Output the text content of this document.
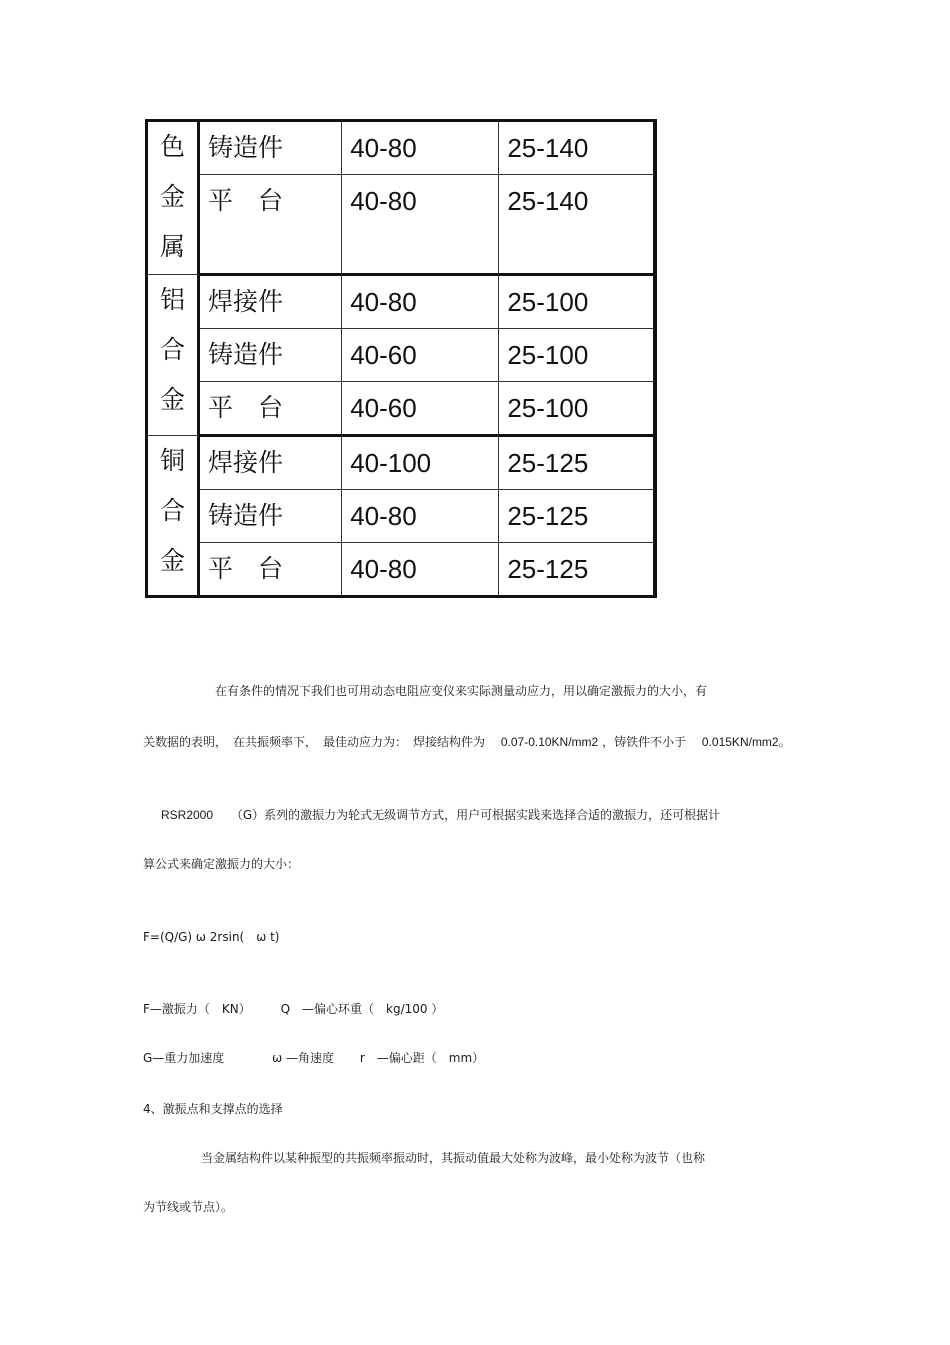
色
金
属	铸造件	40-80	25-140
	平　台	40-80	25-140

铝
合
金	焊接件	40-80	25-100
	铸造件	40-60	25-100
	平　台	40-60	25-100

铜
合
金	焊接件	40-100	25-125
	铸造件	40-80	25-125
	平　台	40-80	25-125
在有条件的情况下我们也可用动态电阻应变仪来实际测量动应力，用以确定激振力的大小，有
关数据的表明，　在共振频率下，　最佳动应力为：　焊接结构件为 0.07-0.10KN/mm2 ，铸铁件不小于 0.015KN/mm2。
RSR2000 （G）系列的激振力为轮式无级调节方式，用户可根据实践来选择合适的激振力，还可根据计
算公式来确定激振力的大小：
F=(Q/G) ω 2rsin(　ω t)
F—激振力（　KN） Q　—偏心环重（　kg/100 ）
G—重力加速度	ω —角速度 r　—偏心距（　mm）
4、激振点和支撑点的选择
当金属结构件以某种振型的共振频率振动时，其振动值最大处称为波峰，最小处称为波节（也称
为节线或节点）。
